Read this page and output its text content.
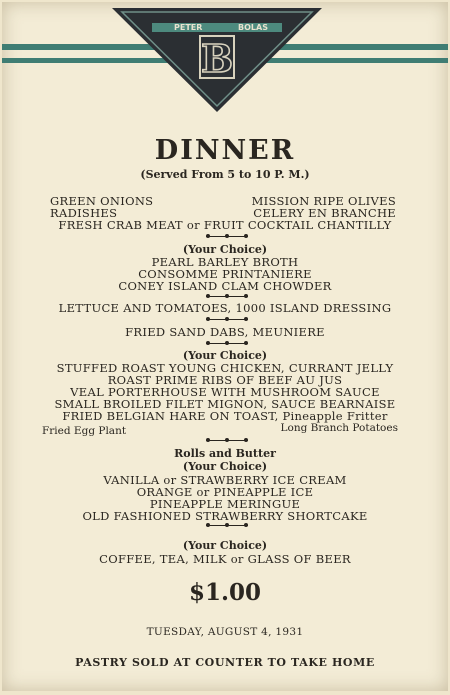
PETER	BOLAS
B
DINNER
(Served From 5 to 10 P. M.)
GREEN ONIONS
RADISHES
MISSION RIPE OLIVES
CELERY EN BRANCHE
FRESH CRAB MEAT or FRUIT COCKTAIL CHANTILLY
(Your Choice)
PEARL BARLEY BROTH
CONSOMME PRINTANIERE
CONEY ISLAND CLAM CHOWDER
LETTUCE AND TOMATOES, 1000 ISLAND DRESSING
FRIED SAND DABS, MEUNIERE
(Your Choice)
STUFFED ROAST YOUNG CHICKEN, CURRANT JELLY
ROAST PRIME RIBS OF BEEF AU JUS
VEAL PORTERHOUSE WITH MUSHROOM SAUCE
SMALL BROILED FILET MIGNON, SAUCE BEARNAISE
FRIED BELGIAN HARE ON TOAST, Pineapple Fritter
Fried Egg Plant	Long Branch Potatoes
Rolls and Butter
(Your Choice)
VANILLA or STRAWBERRY ICE CREAM
ORANGE or PINEAPPLE ICE
PINEAPPLE MERINGUE
OLD FASHIONED STRAWBERRY SHORTCAKE
(Your Choice)
COFFEE, TEA, MILK or GLASS OF BEER
$1.00
TUESDAY, AUGUST 4, 1931
PASTRY SOLD AT COUNTER TO TAKE HOME
